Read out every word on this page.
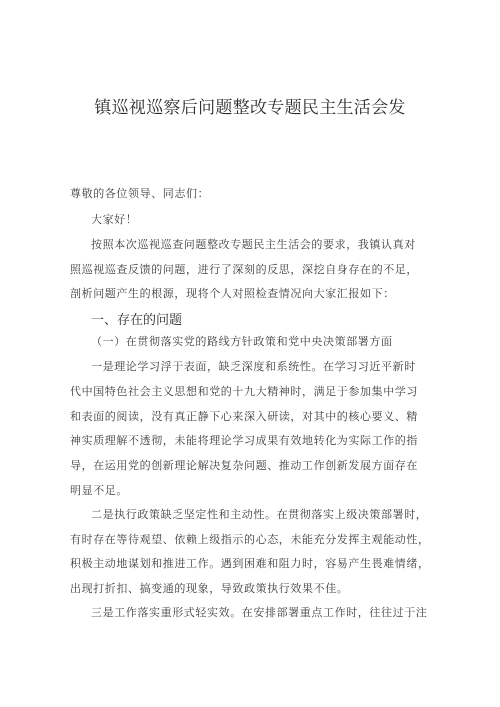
镇巡视巡察后问题整改专题民主生活会发
尊敬的各位领导、同志们：
大家好！
按照本次巡视巡查问题整改专题民主生活会的要求，我镇认真对
照巡视巡查反馈的问题，进行了深刻的反思，深挖自身存在的不足，
剖析问题产生的根源，现将个人对照检查情况向大家汇报如下：
一、存在的问题
（一）在贯彻落实党的路线方针政策和党中央决策部署方面
一是理论学习浮于表面，缺乏深度和系统性。在学习习近平新时
代中国特色社会主义思想和党的十九大精神时，满足于参加集中学习
和表面的阅读，没有真正静下心来深入研读，对其中的核心要义、精
神实质理解不透彻，未能将理论学习成果有效地转化为实际工作的指
导，在运用党的创新理论解决复杂问题、推动工作创新发展方面存在
明显不足。
二是执行政策缺乏坚定性和主动性。在贯彻落实上级决策部署时，
有时存在等待观望、依赖上级指示的心态，未能充分发挥主观能动性，
积极主动地谋划和推进工作。遇到困难和阻力时，容易产生畏难情绪，
出现打折扣、搞变通的现象，导致政策执行效果不佳。
三是工作落实重形式轻实效。在安排部署重点工作时，往往过于注
